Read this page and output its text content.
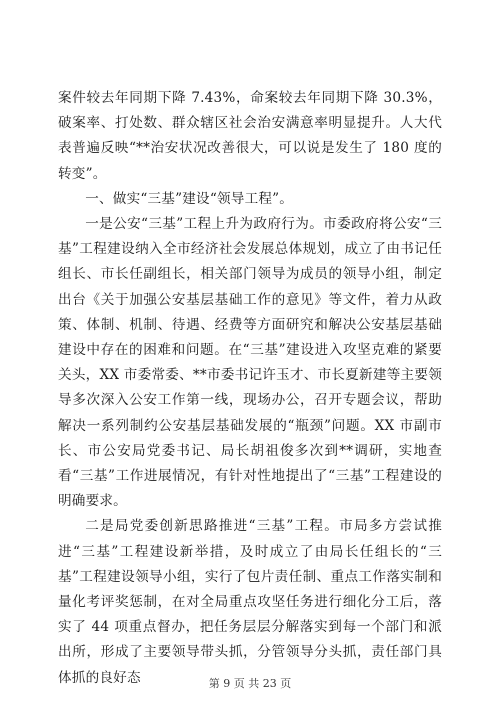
案件较去年同期下降 7.43%，命案较去年同期下降 30.3%，破案率、打处数、群众辖区社会治安满意率明显提升。人大代表普遍反映“**治安状况改善很大，可以说是发生了 180 度的转变”。

一、做实“三基”建设“领导工程”。

一是公安“三基”工程上升为政府行为。市委政府将公安“三基”工程建设纳入全市经济社会发展总体规划，成立了由书记任组长、市长任副组长，相关部门领导为成员的领导小组，制定出台《关于加强公安基层基础工作的意见》等文件，着力从政策、体制、机制、待遇、经费等方面研究和解决公安基层基础建设中存在的困难和问题。在“三基”建设进入攻坚克难的紧要关头，XX 市委常委、**市委书记许玉才、市长夏新建等主要领导多次深入公安工作第一线，现场办公，召开专题会议，帮助解决一系列制约公安基层基础发展的“瓶颈”问题。XX 市副市长、市公安局党委书记、局长胡祖俊多次到**调研，实地查看“三基”工作进展情况，有针对性地提出了“三基”工程建设的明确要求。

二是局党委创新思路推进“三基”工程。市局多方尝试推进“三基”工程建设新举措，及时成立了由局长任组长的“三基”工程建设领导小组，实行了包片责任制、重点工作落实制和量化考评奖惩制，在对全局重点攻坚任务进行细化分工后，落实了 44 项重点督办，把任务层层分解落实到每一个部门和派出所，形成了主要领导带头抓，分管领导分头抓，责任部门具体抓的良好态	第 9 页 共 23 页
